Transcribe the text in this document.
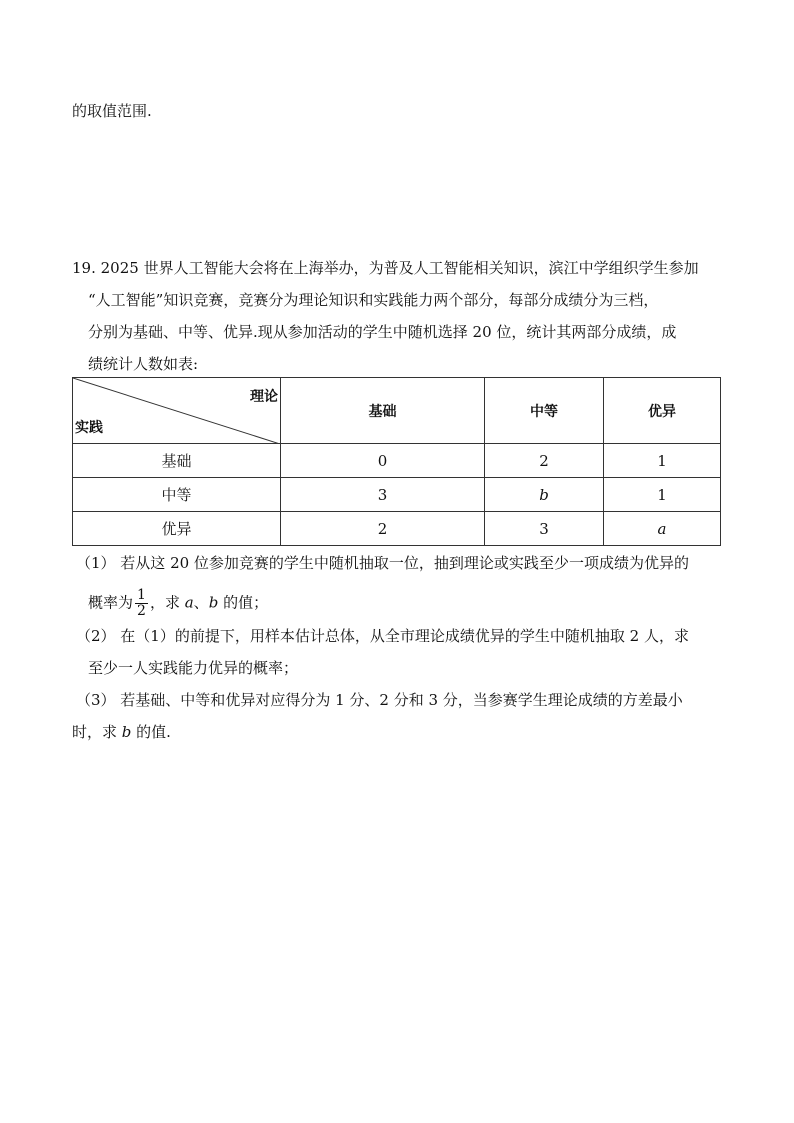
的取值范围.
19. 2025 世界人工智能大会将在上海举办，为普及人工智能相关知识，滨江中学组织学生参加
“人工智能”知识竞赛，竞赛分为理论知识和实践能力两个部分，每部分成绩分为三档，
分别为基础、中等、优异.现从参加活动的学生中随机选择 20 位，统计其两部分成绩，成
绩统计人数如表:
理论
实践	基础	中等	优异
基础	0	2	1
中等	3	b	1
优异	2	3	a
（1） 若从这 20 位参加竞赛的学生中随机抽取一位，抽到理论或实践至少一项成绩为优异的
概率为 $\frac{1}{2}$ ，求 a、b 的值；
（2） 在（1）的前提下，用样本估计总体，从全市理论成绩优异的学生中随机抽取 2 人，求
至少一人实践能力优异的概率；
（3） 若基础、中等和优异对应得分为 1 分、2 分和 3 分，当参赛学生理论成绩的方差最小
时，求 b 的值.
